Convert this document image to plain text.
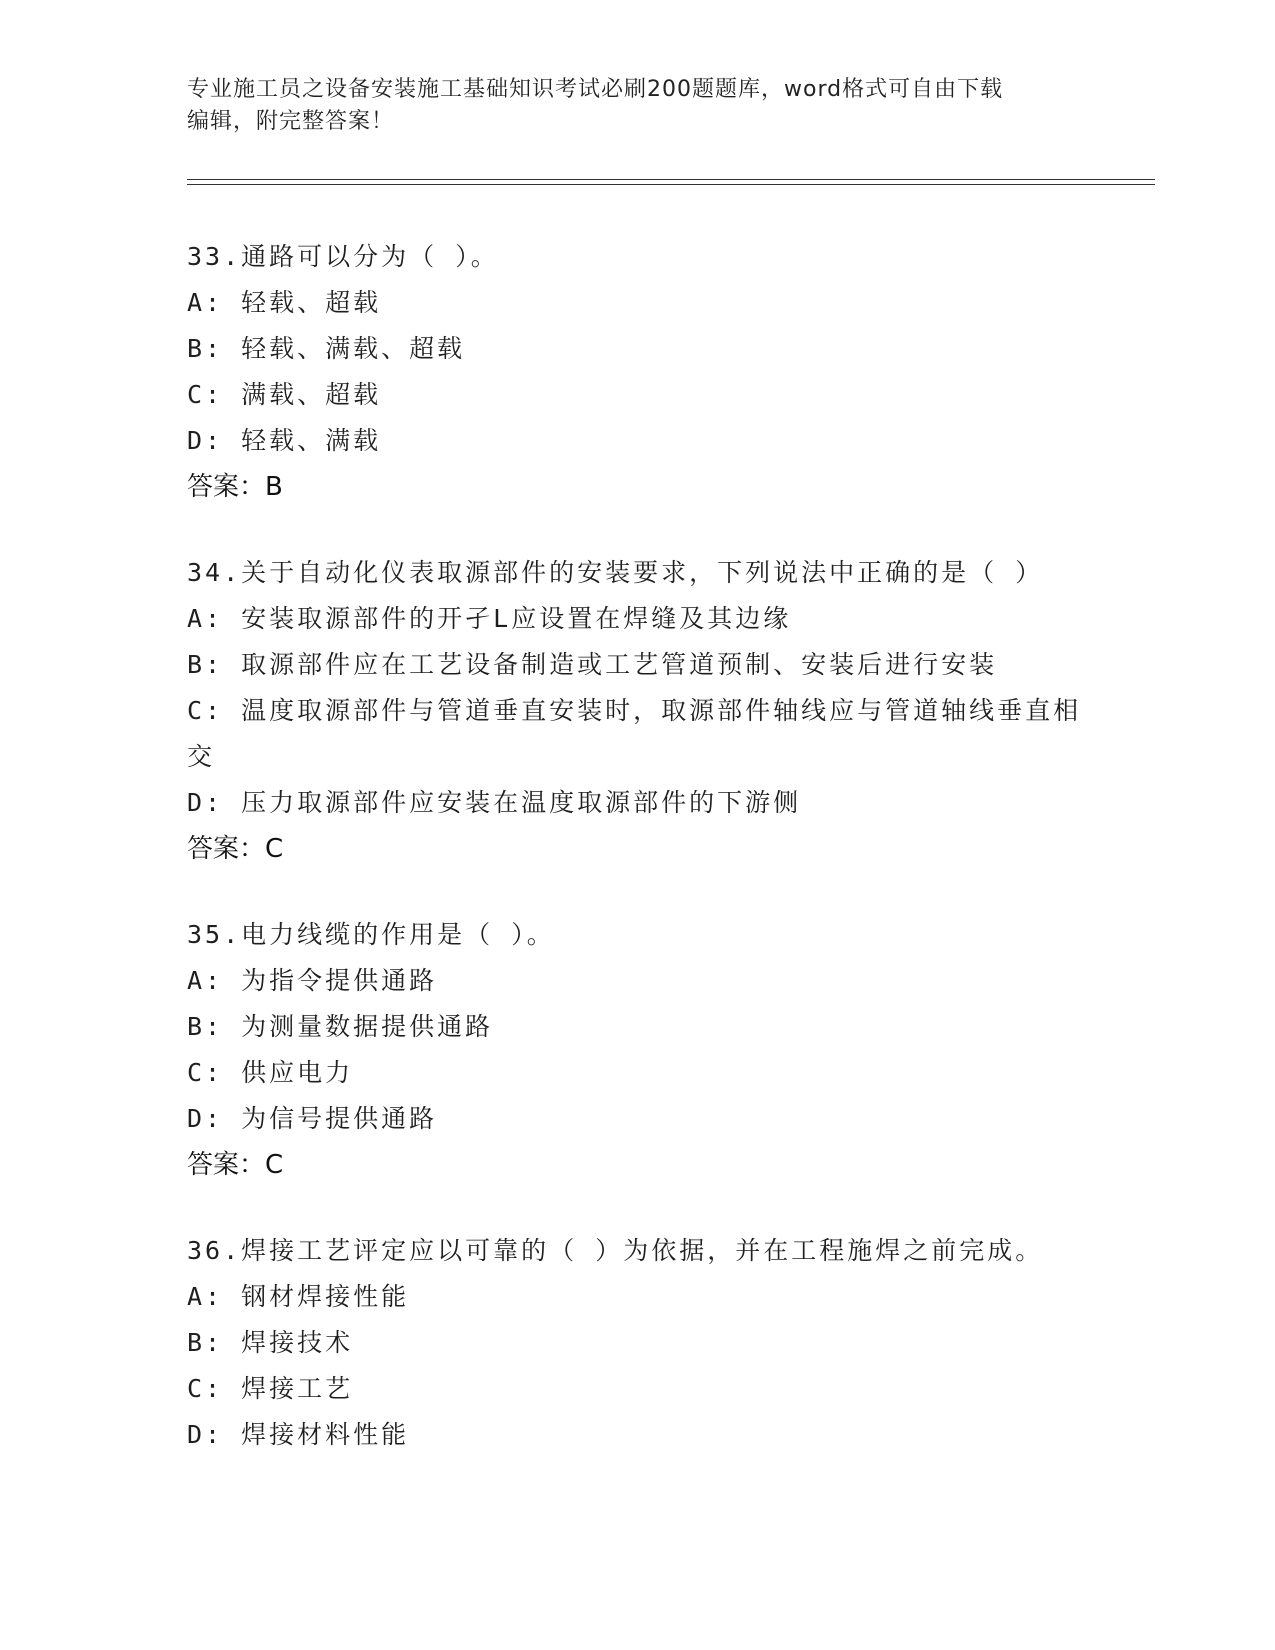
专业施工员之设备安装施工基础知识考试必刷200题题库，word格式可自由下载
编辑，附完整答案！
33.通路可以分为（ ）。
A: 轻载、超载
B: 轻载、满载、超载
C: 满载、超载
D: 轻载、满载
答案：B
34.关于自动化仪表取源部件的安装要求，下列说法中正确的是（ ）
A: 安装取源部件的开孑L应设置在焊缝及其边缘
B: 取源部件应在工艺设备制造或工艺管道预制、安装后进行安装
C: 温度取源部件与管道垂直安装时，取源部件轴线应与管道轴线垂直相交
D: 压力取源部件应安装在温度取源部件的下游侧
答案：C
35.电力线缆的作用是（ ）。
A: 为指令提供通路
B: 为测量数据提供通路
C: 供应电力
D: 为信号提供通路
答案：C
36.焊接工艺评定应以可靠的（ ）为依据，并在工程施焊之前完成。
A: 钢材焊接性能
B: 焊接技术
C: 焊接工艺
D: 焊接材料性能
